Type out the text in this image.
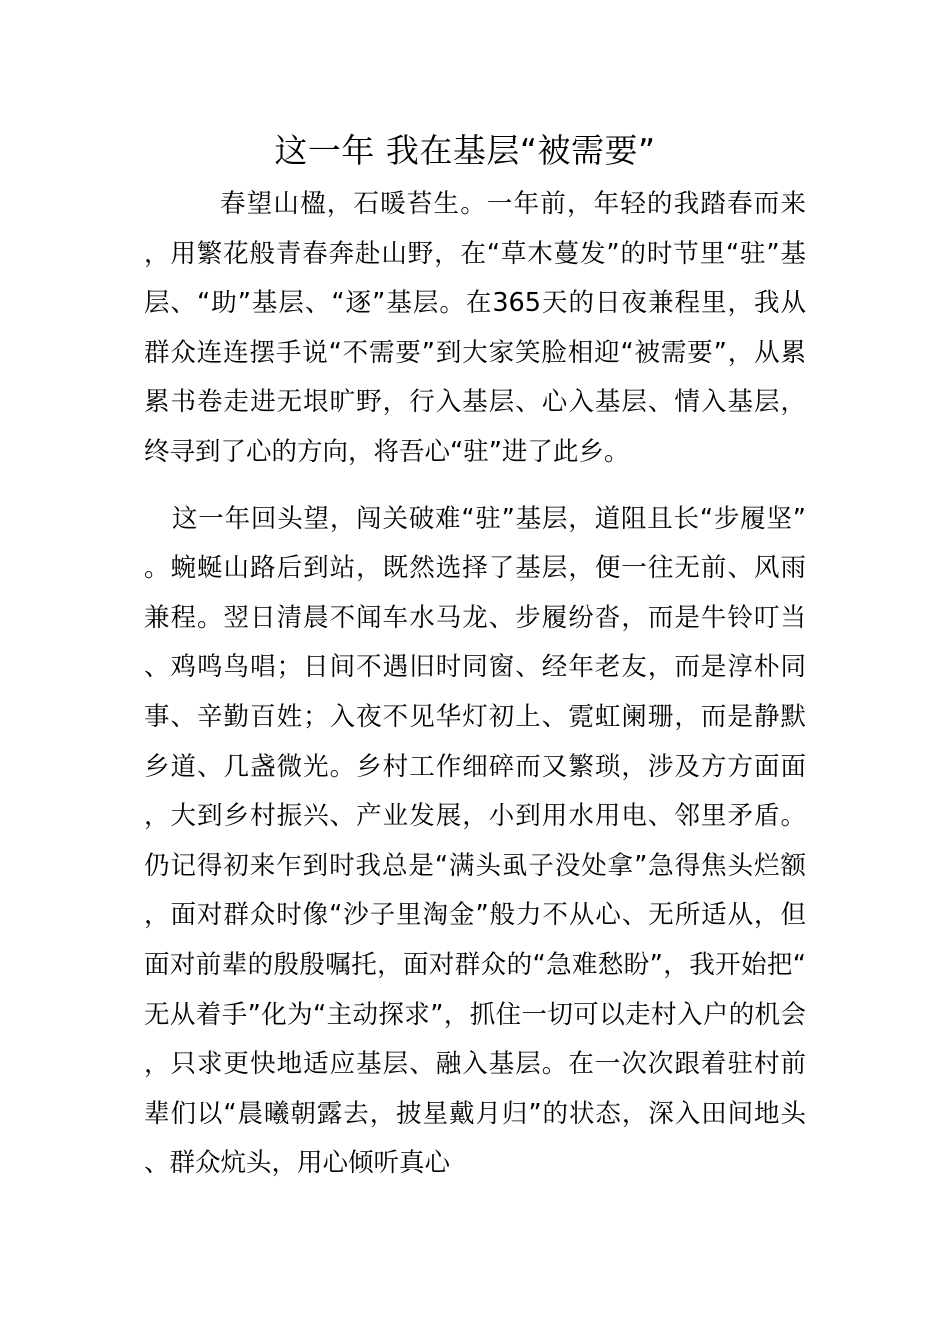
这一年 我在基层“被需要”

春望山楹，石暖苔生。一年前，年轻的我踏春而来，用繁花般青春奔赴山野，在“草木蔓发”的时节里“驻”基层、“助”基层、“逐”基层。在365天的日夜兼程里，我从群众连连摆手说“不需要”到大家笑脸相迎“被需要”，从累累书卷走进无垠旷野，行入基层、心入基层、情入基层，终寻到了心的方向，将吾心“驻”进了此乡。

这一年回头望，闯关破难“驻”基层，道阻且长“步履坚”。蜿蜒山路后到站，既然选择了基层，便一往无前、风雨兼程。翌日清晨不闻车水马龙、步履纷沓，而是牛铃叮当、鸡鸣鸟唱；日间不遇旧时同窗、经年老友，而是淳朴同事、辛勤百姓；入夜不见华灯初上、霓虹阑珊，而是静默乡道、几盏微光。乡村工作细碎而又繁琐，涉及方方面面，大到乡村振兴、产业发展，小到用水用电、邻里矛盾。仍记得初来乍到时我总是“满头虱子没处拿”急得焦头烂额，面对群众时像“沙子里淘金”般力不从心、无所适从，但面对前辈的殷殷嘱托，面对群众的“急难愁盼”，我开始把“无从着手”化为“主动探求”，抓住一切可以走村入户的机会，只求更快地适应基层、融入基层。在一次次跟着驻村前辈们以“晨曦朝露去，披星戴月归”的状态，深入田间地头、群众炕头，用心倾听真心
